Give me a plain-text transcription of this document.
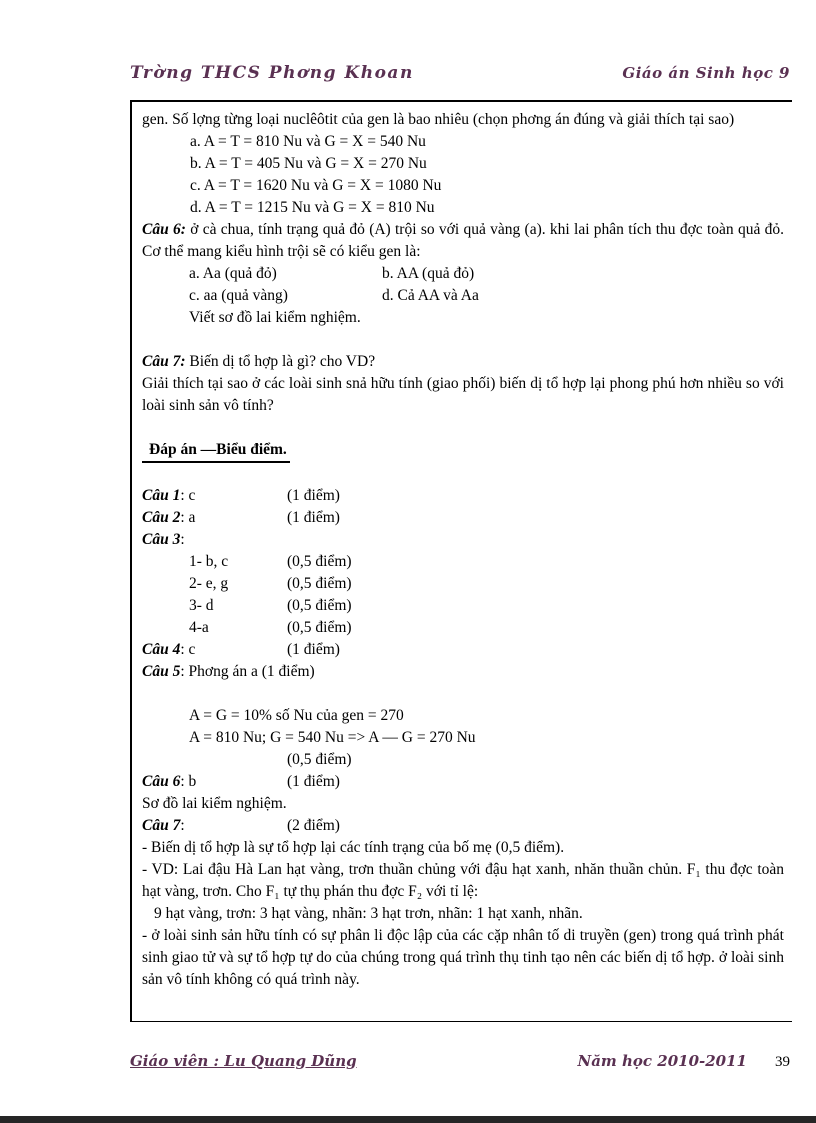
Trờng THCS Phơng Khoan	Giáo án Sinh học 9

gen. Số lợng từng loại nuclêôtit của gen là bao nhiêu (chọn phơng án đúng và giải thích tại sao)

a. A = T = 810 Nu và G = X = 540 Nu
b. A = T = 405 Nu và G = X = 270 Nu
c. A = T = 1620 Nu và G = X = 1080 Nu
d. A = T = 1215 Nu và G = X = 810 Nu

Câu 6: ở cà chua, tính trạng quả đỏ (A) trội so với quả vàng (a). khi lai phân tích thu đợc toàn quả đỏ. Cơ thể mang kiểu hình trội sẽ có kiểu gen là:

a. Aa (quả đỏ)	b. AA (quả đỏ)
c. aa (quả vàng)	d. Cả AA và Aa
Viết sơ đồ lai kiểm nghiệm.

Câu 7: Biến dị tổ hợp là gì? cho VD?

Giải thích tại sao ở các loài sinh snả hữu tính (giao phối) biến dị tổ hợp lại phong phú hơn nhiều so với loài sinh sản vô tính?

Đáp án —Biểu điểm.
Câu 1: c	(1 điểm)
Câu 2: a	(1 điểm)
Câu 3:
1- b, c	(0,5 điểm)
2- e, g	(0,5 điểm)
3- d	(0,5 điểm)
4-a	(0,5 điểm)
Câu 4: c	(1 điểm)
Câu 5: Phơng án a (1 điểm)
A = G = 10% số Nu của gen = 270
A = 810 Nu; G = 540 Nu => A — G = 270 Nu
(0,5 điểm)
Câu 6: b	(1 điểm)
Sơ đồ lai kiểm nghiệm.
Câu 7:	(2 điểm)

- Biến dị tổ hợp là sự tổ hợp lại các tính trạng của bố mẹ (0,5 điểm).

- VD: Lai đậu Hà Lan hạt vàng, trơn thuần chủng với đậu hạt xanh, nhăn thuần chủn. F₁ thu đợc toàn hạt vàng, trơn. Cho F₁ tự thụ phán thu đợc F₂ với tỉ lệ:

9 hạt vàng, trơn: 3 hạt vàng, nhãn: 3 hạt trơn, nhãn: 1 hạt xanh, nhãn.

- ở loài sinh sản hữu tính có sự phân li độc lập của các cặp nhân tố di truyền (gen) trong quá trình phát sinh giao tử và sự tổ hợp tự do của chúng trong quá trình thụ tinh tạo nên các biến dị tổ hợp. ở loài sinh sản vô tính không có quá trình này.

Giáo viên : Lu Quang Dũng	Năm học 2010-2011 39
